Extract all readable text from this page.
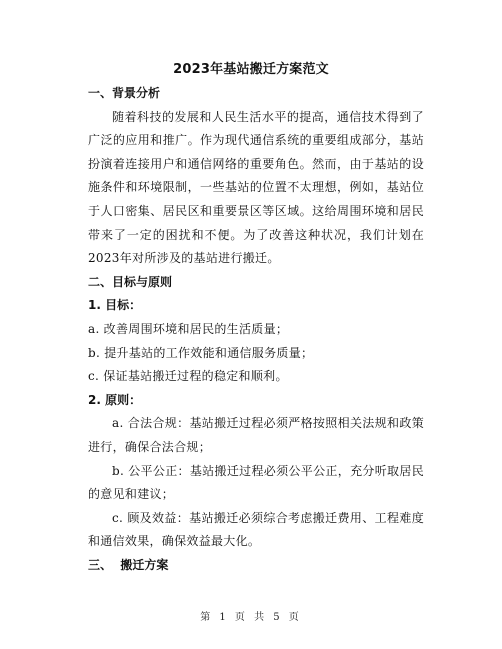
2023年基站搬迁方案范文
一、背景分析
随着科技的发展和人民生活水平的提高，通信技术得到了广泛的应用和推广。作为现代通信系统的重要组成部分，基站扮演着连接用户和通信网络的重要角色。然而，由于基站的设施条件和环境限制，一些基站的位置不太理想，例如，基站位于人口密集、居民区和重要景区等区域。这给周围环境和居民带来了一定的困扰和不便。为了改善这种状况，我们计划在2023年对所涉及的基站进行搬迁。
二、目标与原则
1. 目标：
a. 改善周围环境和居民的生活质量；
b. 提升基站的工作效能和通信服务质量；
c. 保证基站搬迁过程的稳定和顺利。
2. 原则：
a. 合法合规：基站搬迁过程必须严格按照相关法规和政策进行，确保合法合规；
b. 公平公正：基站搬迁过程必须公平公正，充分听取居民的意见和建议；
c. 顾及效益：基站搬迁必须综合考虑搬迁费用、工程难度和通信效果，确保效益最大化。
三、  搬迁方案
第 1 页 共 5 页
